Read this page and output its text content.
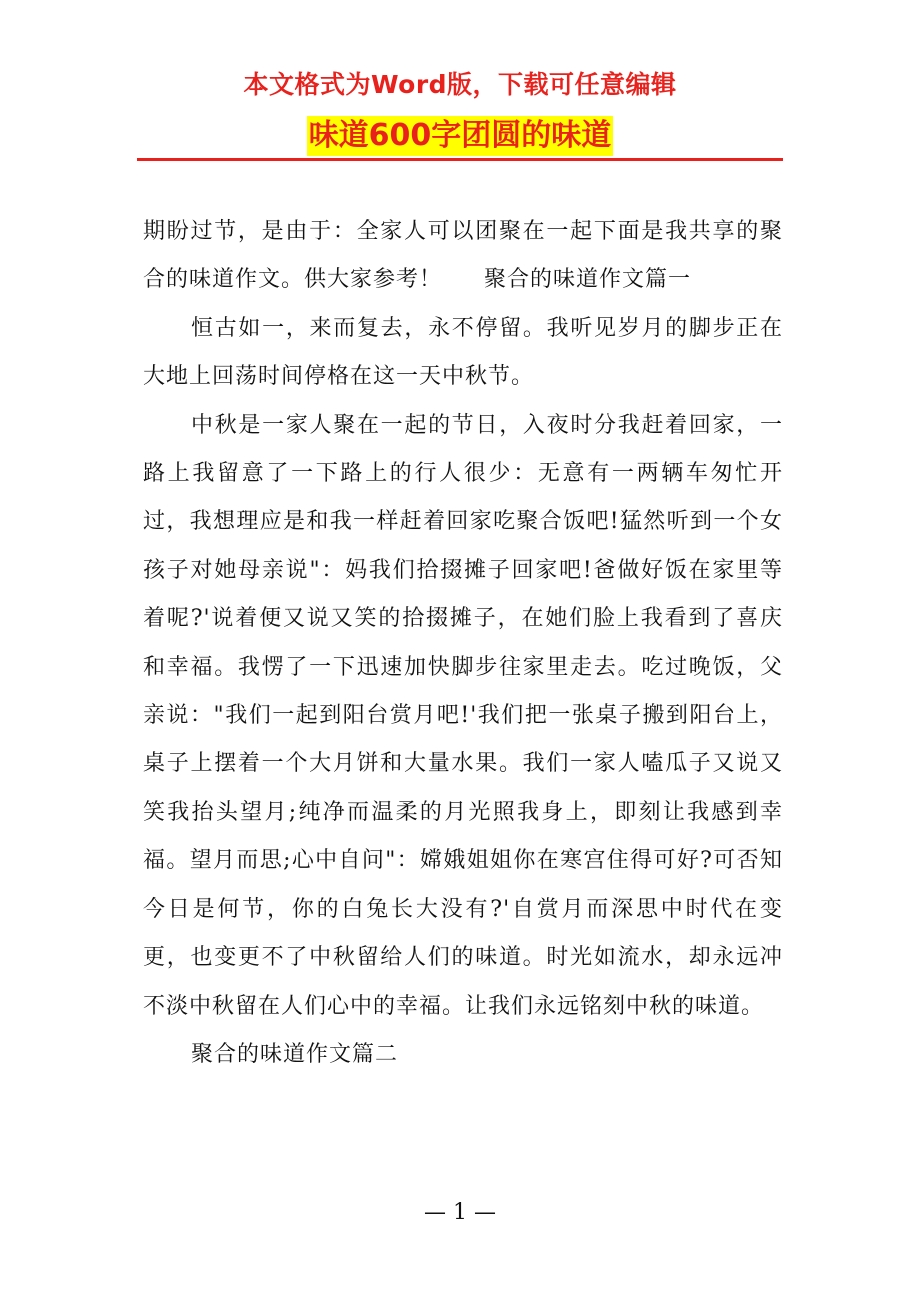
本文格式为Word版，下载可任意编辑
味道600字团圆的味道

期盼过节，是由于：全家人可以团聚在一起下面是我共享的聚合的味道作文。供大家参考！ 聚合的味道作文篇一

恒古如一，来而复去，永不停留。我听见岁月的脚步正在大地上回荡时间停格在这一天中秋节。

中秋是一家人聚在一起的节日，入夜时分我赶着回家，一路上我留意了一下路上的行人很少：无意有一两辆车匆忙开过，我想理应是和我一样赶着回家吃聚合饭吧!猛然听到一个女孩子对她母亲说"：妈我们拾掇摊子回家吧!爸做好饭在家里等着呢?'说着便又说又笑的拾掇摊子，在她们脸上我看到了喜庆和幸福。我愣了一下迅速加快脚步往家里走去。吃过晚饭，父亲说："我们一起到阳台赏月吧!'我们把一张桌子搬到阳台上，桌子上摆着一个大月饼和大量水果。我们一家人嗑瓜子又说又笑我抬头望月;纯净而温柔的月光照我身上，即刻让我感到幸福。望月而思;心中自问"：嫦娥姐姐你在寒宫住得可好?可否知今日是何节，你的白兔长大没有?'自赏月而深思中时代在变更，也变更不了中秋留给人们的味道。时光如流水，却永远冲不淡中秋留在人们心中的幸福。让我们永远铭刻中秋的味道。

聚合的味道作文篇二

— 1 —
